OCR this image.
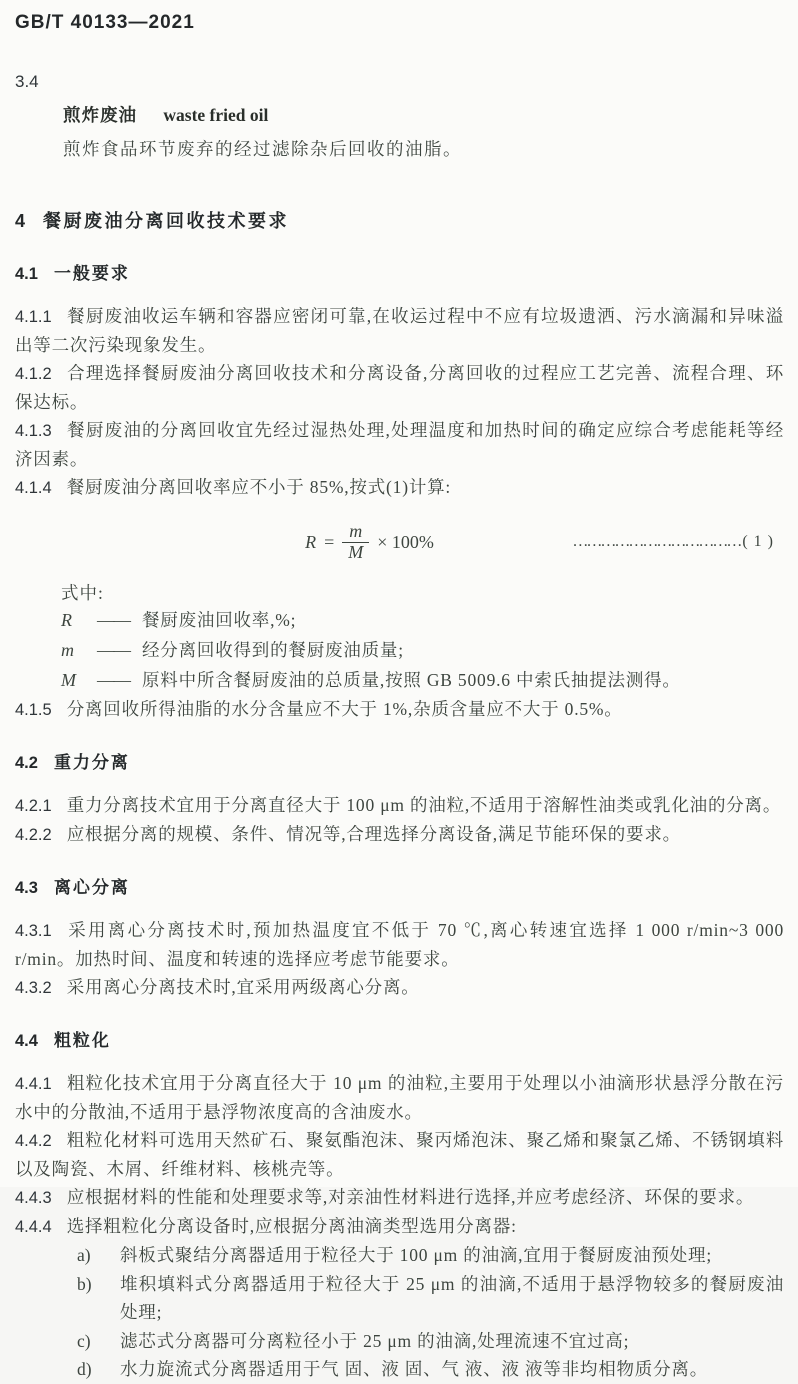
GB/T 40133—2021
3.4
煎炸废油 waste fried oil
煎炸食品环节废弃的经过滤除杂后回收的油脂。
4 餐厨废油分离回收技术要求
4.1 一般要求

4.1.1 餐厨废油收运车辆和容器应密闭可靠,在收运过程中不应有垃圾遗洒、污水滴漏和异味溢出等二次污染现象发生。

4.1.2 合理选择餐厨废油分离回收技术和分离设备,分离回收的过程应工艺完善、流程合理、环保达标。

4.1.3 餐厨废油的分离回收宜先经过湿热处理,处理温度和加热时间的确定应综合考虑能耗等经济因素。

4.1.4 餐厨废油分离回收率应不小于 85%,按式(1)计算:

$R = \frac{m}{M} \times 100\%$	……………………………… ( 1 )
式中:
R	—— 餐厨废油回收率,%;
m	—— 经分离回收得到的餐厨废油质量;
M	—— 原料中所含餐厨废油的总质量,按照 GB 5009.6 中索氏抽提法测得。

4.1.5 分离回收所得油脂的水分含量应不大于 1%,杂质含量应不大于 0.5%。

4.2 重力分离

4.2.1 重力分离技术宜用于分离直径大于 100 μm 的油粒,不适用于溶解性油类或乳化油的分离。

4.2.2 应根据分离的规模、条件、情况等,合理选择分离设备,满足节能环保的要求。

4.3 离心分离

4.3.1 采用离心分离技术时,预加热温度宜不低于 70 ℃,离心转速宜选择 1 000 r/min~3 000 r/min。加热时间、温度和转速的选择应考虑节能要求。

4.3.2 采用离心分离技术时,宜采用两级离心分离。

4.4 粗粒化

4.4.1 粗粒化技术宜用于分离直径大于 10 μm 的油粒,主要用于处理以小油滴形状悬浮分散在污水中的分散油,不适用于悬浮物浓度高的含油废水。

4.4.2 粗粒化材料可选用天然矿石、聚氨酯泡沫、聚丙烯泡沫、聚乙烯和聚氯乙烯、不锈钢填料以及陶瓷、木屑、纤维材料、核桃壳等。

4.4.3 应根据材料的性能和处理要求等,对亲油性材料进行选择,并应考虑经济、环保的要求。

4.4.4 选择粗粒化分离设备时,应根据分离油滴类型选用分离器:

a)	斜板式聚结分离器适用于粒径大于 100 μm 的油滴,宜用于餐厨废油预处理;
b)	堆积填料式分离器适用于粒径大于 25 μm 的油滴,不适用于悬浮物较多的餐厨废油处理;
c)	滤芯式分离器可分离粒径小于 25 μm 的油滴,处理流速不宜过高;
d)	水力旋流式分离器适用于气 固、液 固、气 液、液 液等非均相物质分离。
